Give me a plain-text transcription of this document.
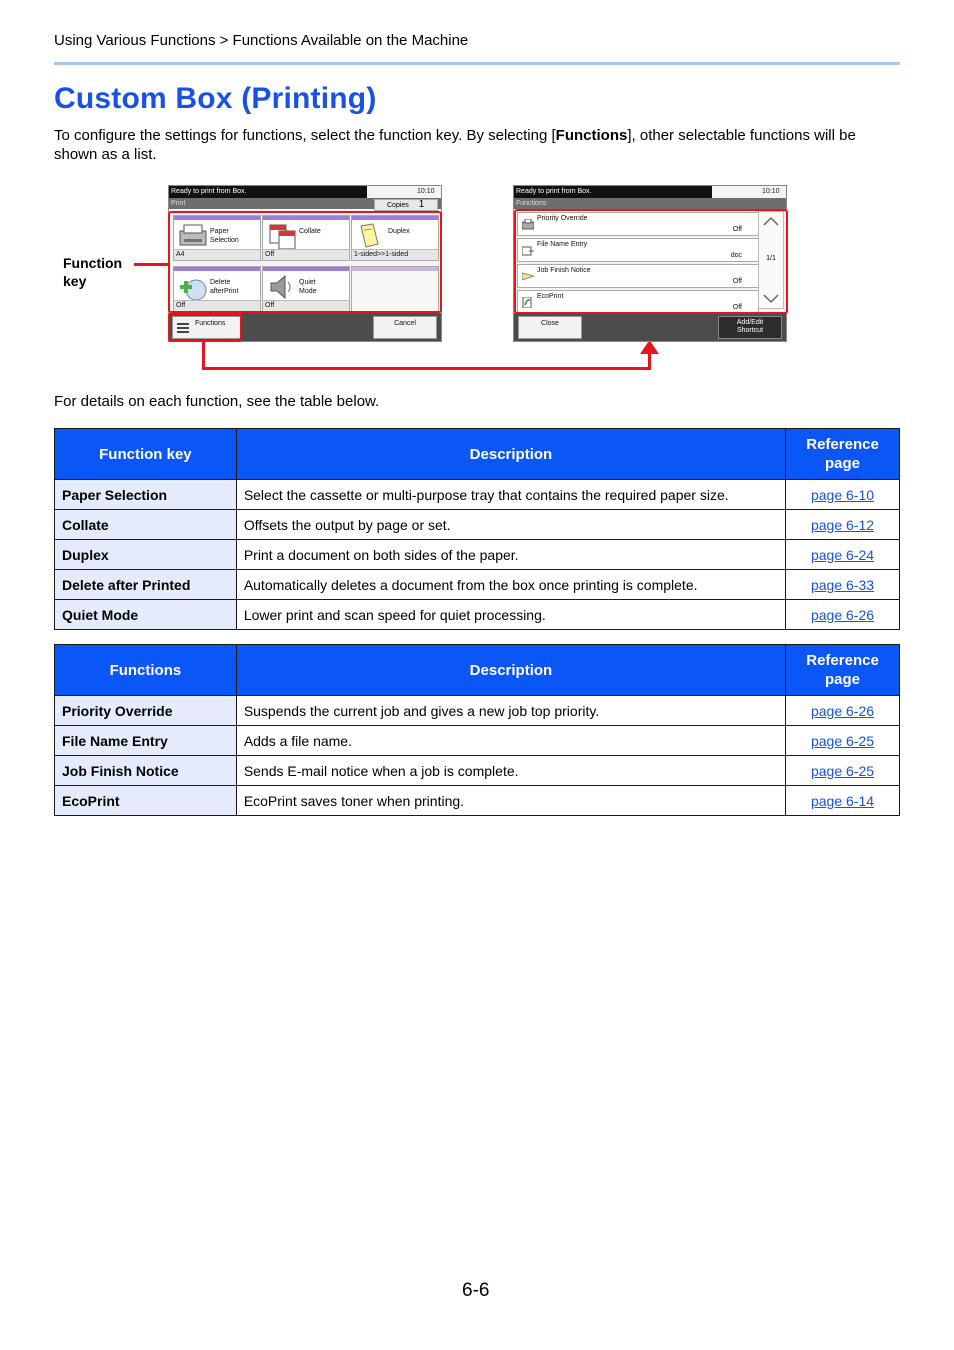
Using Various Functions > Functions Available on the Machine
Custom Box (Printing)
To configure the settings for functions, select the function key. By selecting [Functions], other selectable functions will be shown as a list.
Function
key
Ready to print from Box.	10:10
Print	Copies 1
Paper
Selection
A4
Collate
Off
Duplex
1-sided>>1-sided
Delete
afterPrint
Off
Quiet
Mode
Off
Functions	Cancel
Ready to print from Box.	10:10
Functions
Priority Override
Off
File Name Entry
doc
Job Finish Notice
Off
EcoPrint
Off
1/1
Close	Add/Edit
Shortcut
For details on each function, see the table below.
Function key	Description	Reference
page

Paper Selection	Select the cassette or multi-purpose tray that contains the required paper size.	page 6-10
Collate	Offsets the output by page or set.	page 6-12
Duplex	Print a document on both sides of the paper.	page 6-24
Delete after Printed	Automatically deletes a document from the box once printing is complete.	page 6-33
Quiet Mode	Lower print and scan speed for quiet processing.	page 6-26
Functions	Description	Reference
page

Priority Override	Suspends the current job and gives a new job top priority.	page 6-26
File Name Entry	Adds a file name.	page 6-25
Job Finish Notice	Sends E-mail notice when a job is complete.	page 6-25
EcoPrint	EcoPrint saves toner when printing.	page 6-14
6-6
